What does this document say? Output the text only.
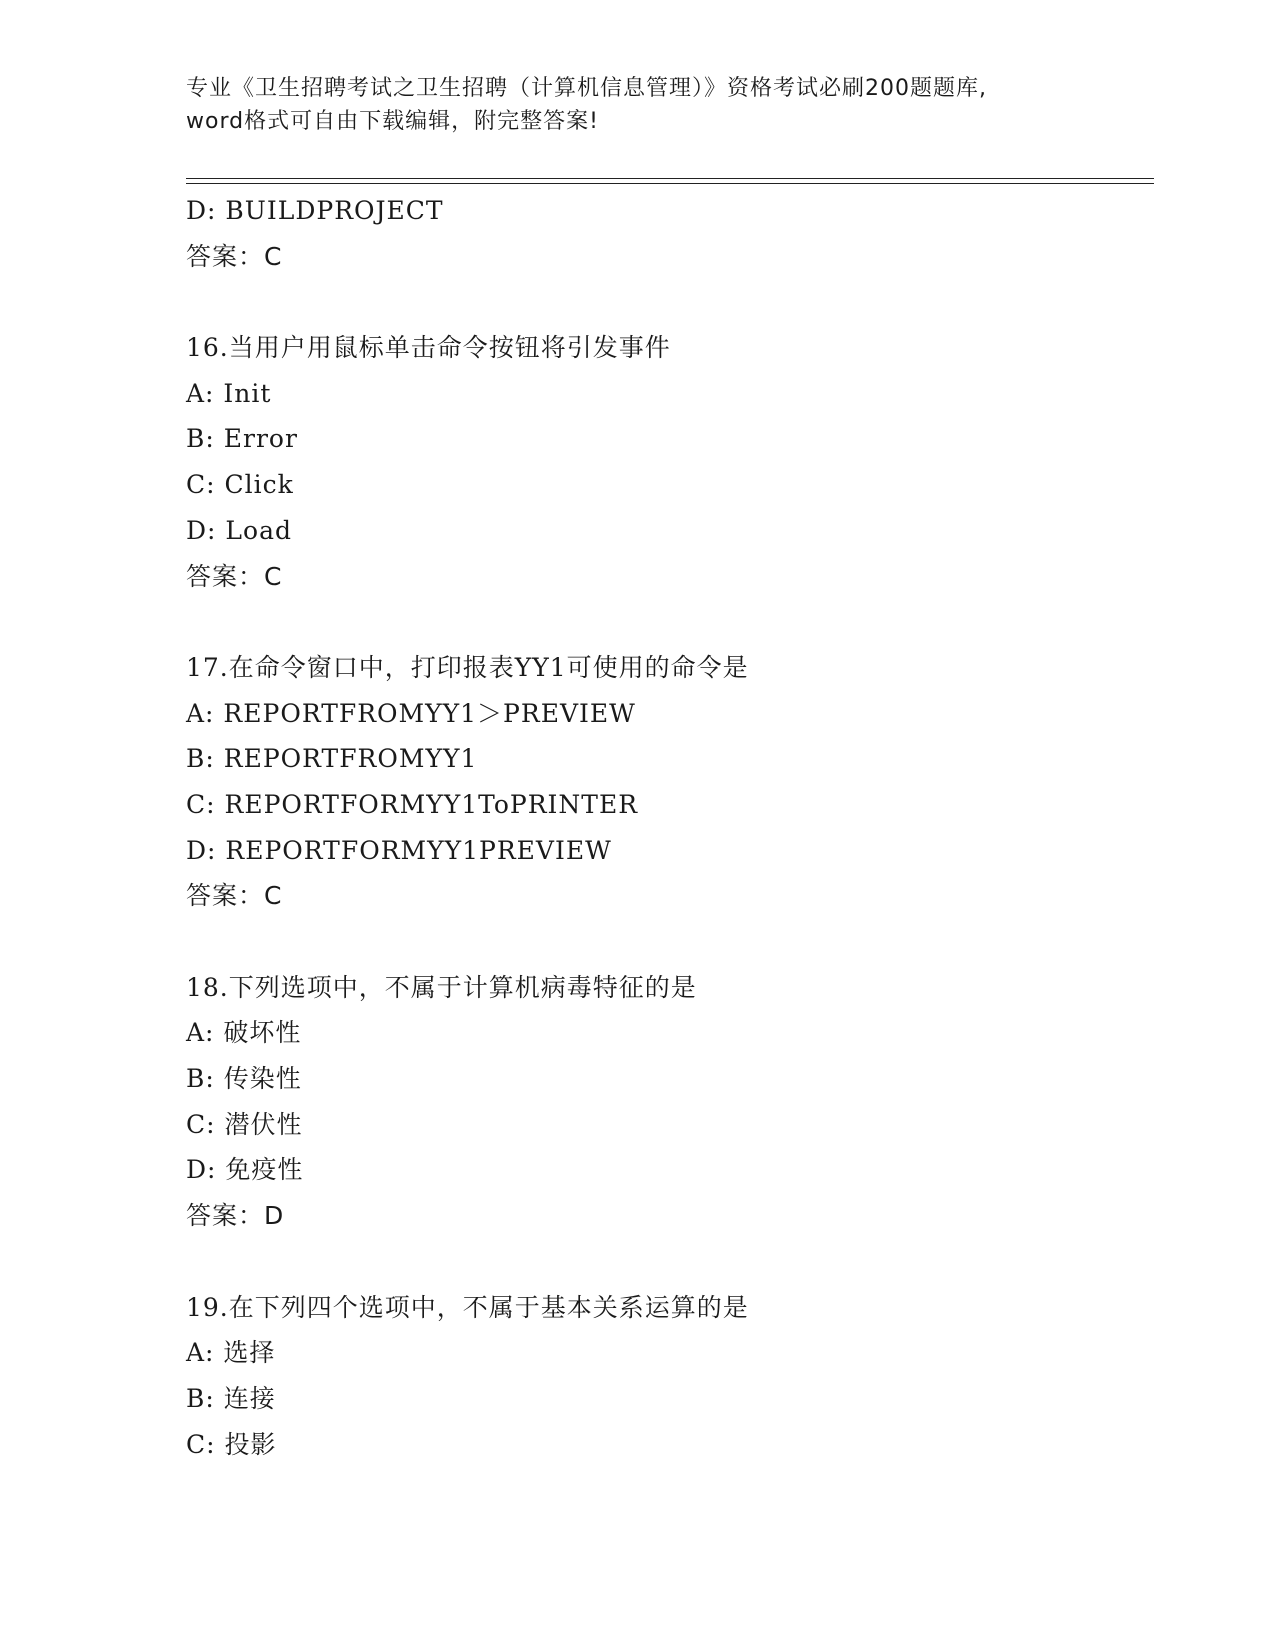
专业《卫生招聘考试之卫生招聘（计算机信息管理）》资格考试必刷200题题库,
word格式可自由下载编辑，附完整答案!
D: BUILDPROJECT
答案：C
16.当用户用鼠标单击命令按钮将引发事件
A: Init
B: Error
C: Click
D: Load
答案：C
17.在命令窗口中，打印报表YY1可使用的命令是
A: REPORTFROMYY1＞PREVIEW
B: REPORTFROMYY1
C: REPORTFORMYY1ToPRINTER
D: REPORTFORMYY1PREVIEW
答案：C
18.下列选项中，不属于计算机病毒特征的是
A: 破坏性
B: 传染性
C: 潜伏性
D: 免疫性
答案：D
19.在下列四个选项中，不属于基本关系运算的是
A: 选择
B: 连接
C: 投影
